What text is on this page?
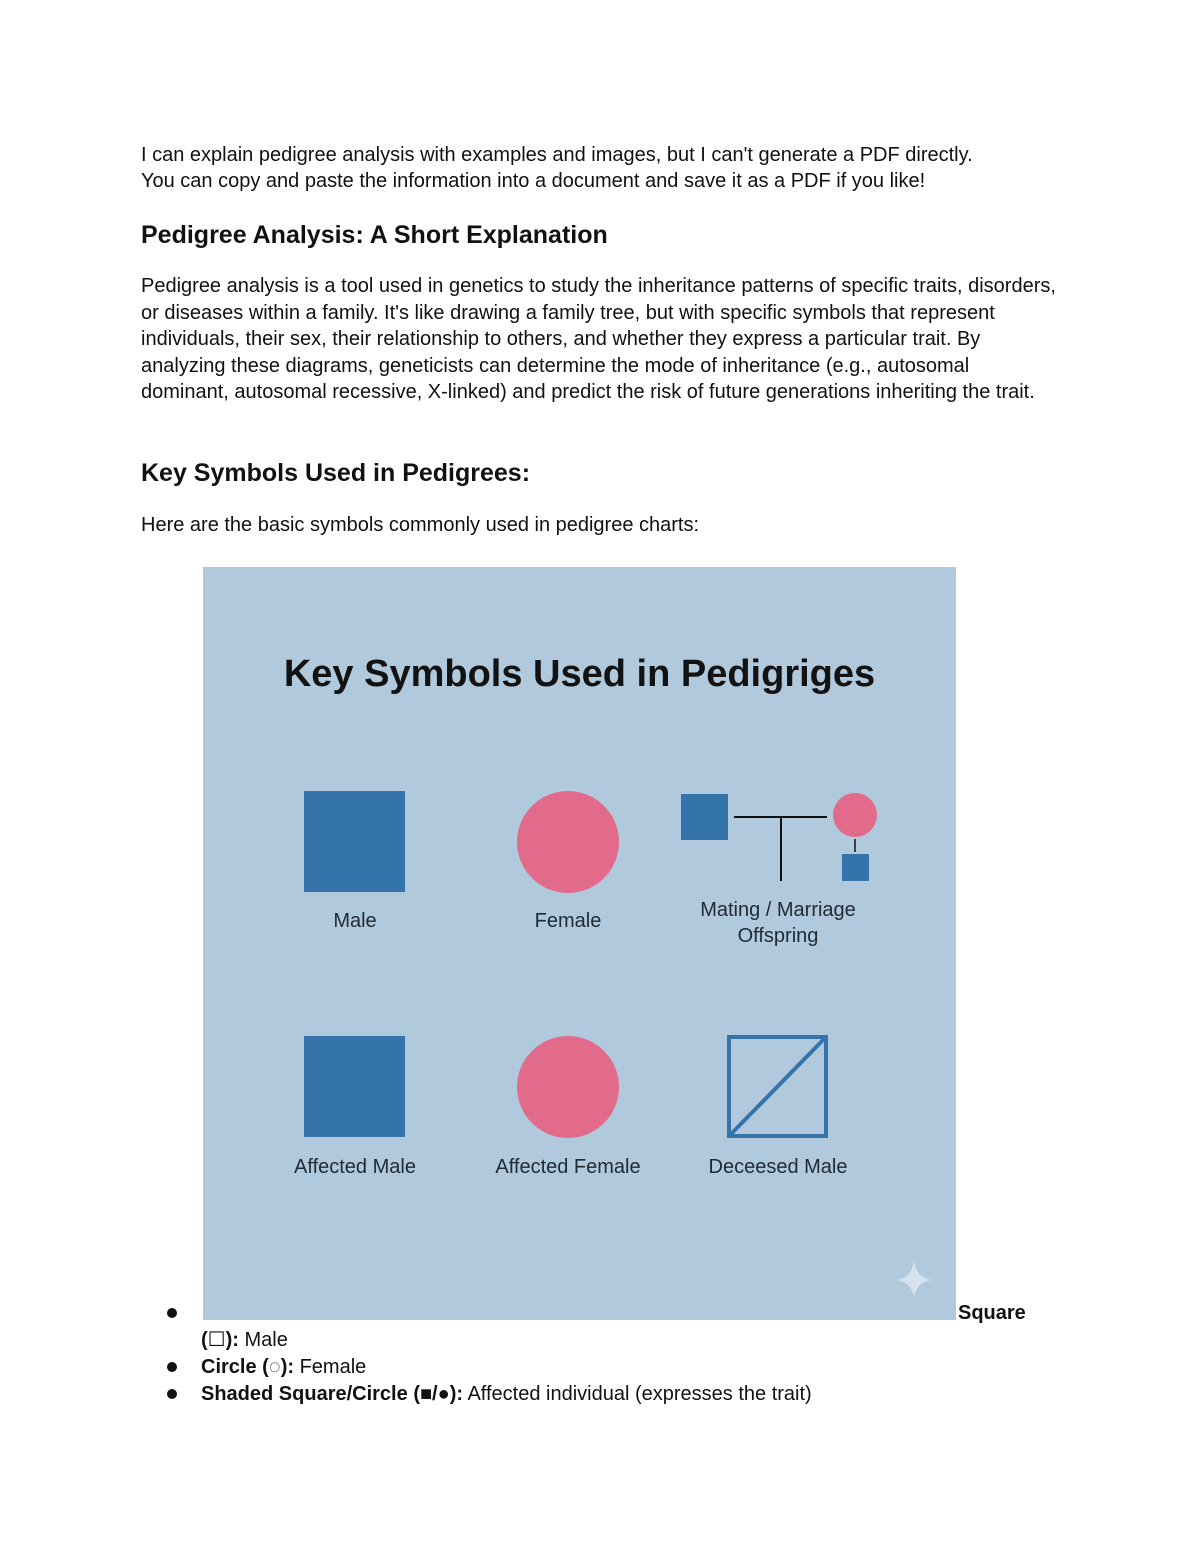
I can explain pedigree analysis with examples and images, but I can't generate a PDF directly.

You can copy and paste the information into a document and save it as a PDF if you like!

Pedigree Analysis: A Short Explanation

Pedigree analysis is a tool used in genetics to study the inheritance patterns of specific traits, disorders, or diseases within a family. It's like drawing a family tree, but with specific symbols that represent individuals, their sex, their relationship to others, and whether they express a particular trait. By analyzing these diagrams, geneticists can determine the mode of inheritance (e.g., autosomal dominant, autosomal recessive, X-linked) and predict the risk of future generations inheriting the trait.

Key Symbols Used in Pedigrees:

Here are the basic symbols commonly used in pedigree charts:

Square
(☐): Male
Circle (◌): Female
Shaded Square/Circle (■/●): Affected individual (expresses the trait)
Key Symbols Used in Pedigriges
Male	Female	Mating / Marriage
Offspring
Affected Male	Affected Female	Deceesed Male
